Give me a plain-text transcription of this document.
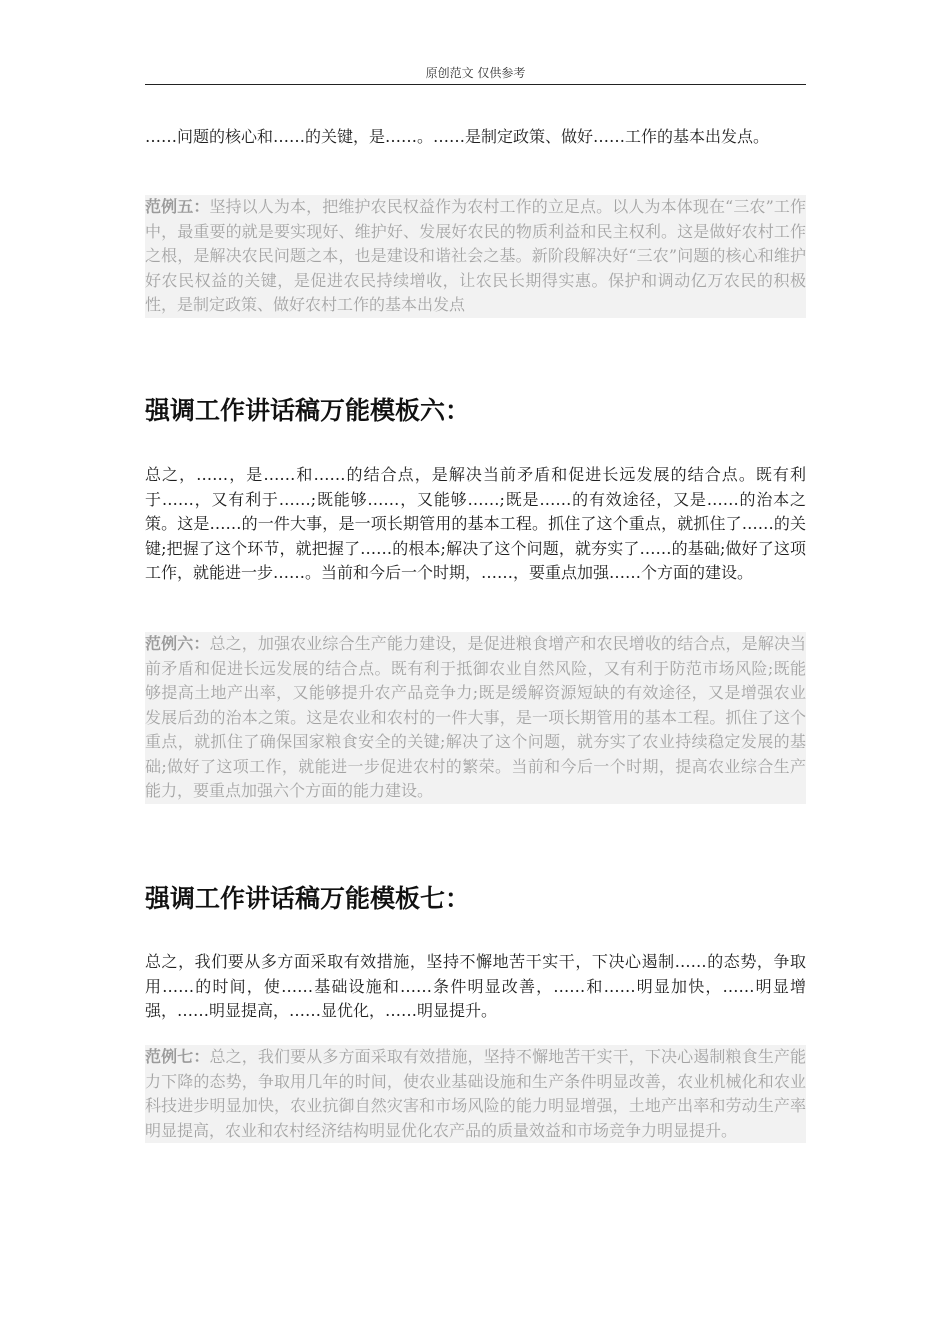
原创范文 仅供参考
……问题的核心和……的关键，是……。……是制定政策、做好……工作的基本出发点。
范例五：坚持以人为本，把维护农民权益作为农村工作的立足点。以人为本体现在“三农”工作中，最重要的就是要实现好、维护好、发展好农民的物质利益和民主权利。这是做好农村工作之根，是解决农民问题之本，也是建设和谐社会之基。新阶段解决好“三农”问题的核心和维护好农民权益的关键，是促进农民持续增收，让农民长期得实惠。保护和调动亿万农民的积极性，是制定政策、做好农村工作的基本出发点
强调工作讲话稿万能模板六：
总之，……，是……和……的结合点，是解决当前矛盾和促进长远发展的结合点。既有利于……，又有利于……;既能够……，又能够……;既是……的有效途径，又是……的治本之策。这是……的一件大事，是一项长期管用的基本工程。抓住了这个重点，就抓住了……的关键;把握了这个环节，就把握了……的根本;解决了这个问题，就夯实了……的基础;做好了这项工作，就能进一步……。当前和今后一个时期，……，要重点加强……个方面的建设。
范例六：总之，加强农业综合生产能力建设，是促进粮食增产和农民增收的结合点，是解决当前矛盾和促进长远发展的结合点。既有利于抵御农业自然风险，又有利于防范市场风险;既能够提高土地产出率，又能够提升农产品竞争力;既是缓解资源短缺的有效途径，又是增强农业发展后劲的治本之策。这是农业和农村的一件大事，是一项长期管用的基本工程。抓住了这个重点，就抓住了确保国家粮食安全的关键;解决了这个问题，就夯实了农业持续稳定发展的基础;做好了这项工作，就能进一步促进农村的繁荣。当前和今后一个时期，提高农业综合生产能力，要重点加强六个方面的能力建设。
强调工作讲话稿万能模板七：
总之，我们要从多方面采取有效措施，坚持不懈地苦干实干，下决心遏制……的态势，争取用……的时间，使……基础设施和……条件明显改善，……和……明显加快，……明显增强，……明显提高，……显优化，……明显提升。
范例七：总之，我们要从多方面采取有效措施，坚持不懈地苦干实干，下决心遏制粮食生产能力下降的态势，争取用几年的时间，使农业基础设施和生产条件明显改善，农业机械化和农业科技进步明显加快，农业抗御自然灾害和市场风险的能力明显增强，土地产出率和劳动生产率明显提高，农业和农村经济结构明显优化农产品的质量效益和市场竞争力明显提升。
